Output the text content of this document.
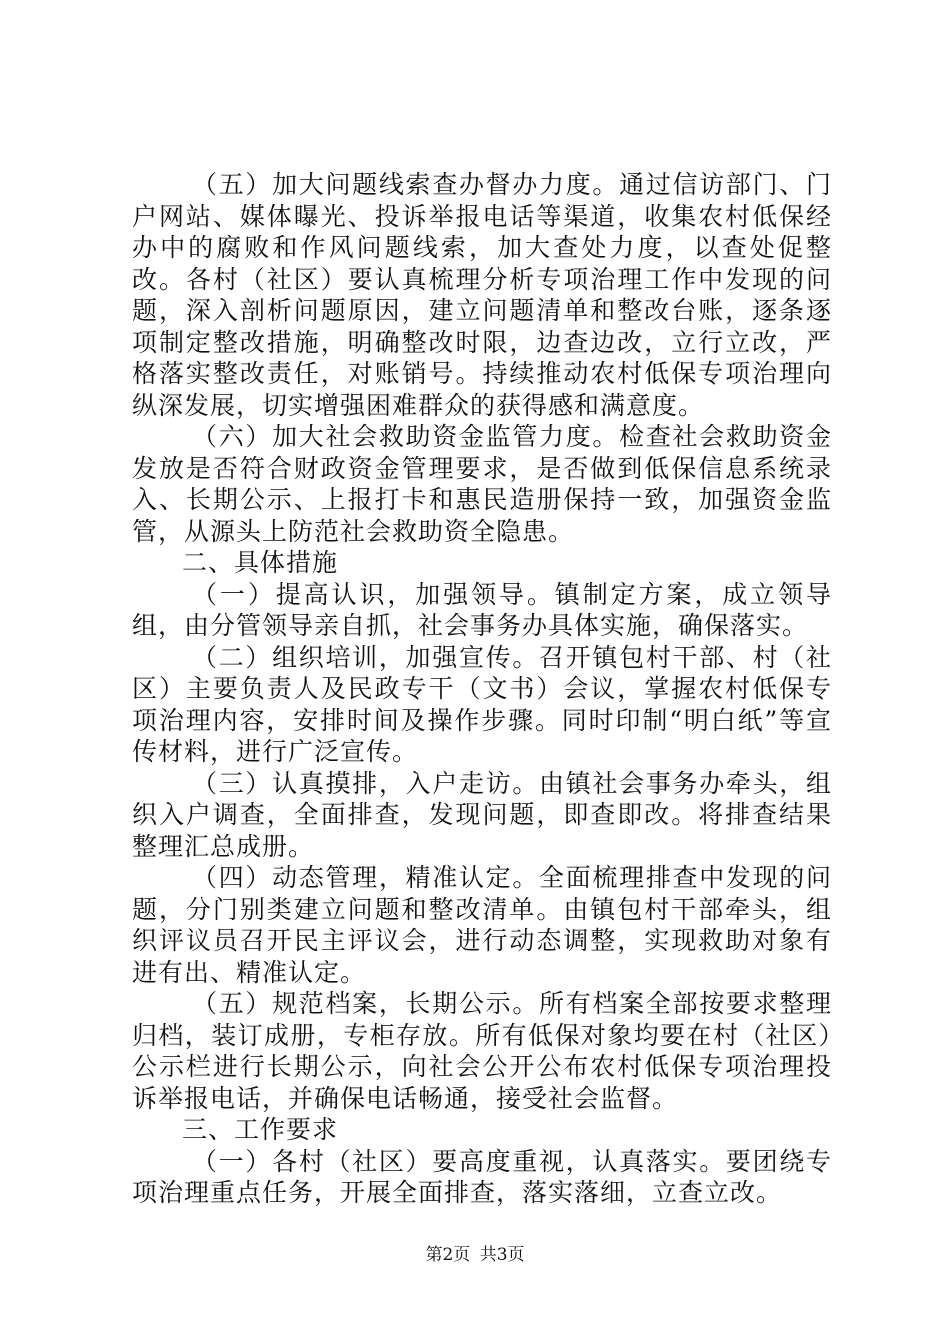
（五）加大问题线索查办督办力度。通过信访部门、门户网站、媒体曝光、投诉举报电话等渠道，收集农村低保经办中的腐败和作风问题线索，加大查处力度，以查处促整改。各村（社区）要认真梳理分析专项治理工作中发现的问题，深入剖析问题原因，建立问题清单和整改台账，逐条逐项制定整改措施，明确整改时限，边查边改，立行立改，严格落实整改责任，对账销号。持续推动农村低保专项治理向纵深发展，切实增强困难群众的获得感和满意度。

（六）加大社会救助资金监管力度。检查社会救助资金发放是否符合财政资金管理要求，是否做到低保信息系统录入、长期公示、上报打卡和惠民造册保持一致，加强资金监管，从源头上防范社会救助资全隐患。

二、具体措施

（一）提高认识，加强领导。镇制定方案，成立领导组，由分管领导亲自抓，社会事务办具体实施，确保落实。

（二）组织培训，加强宣传。召开镇包村干部、村（社区）主要负责人及民政专干（文书）会议，掌握农村低保专项治理内容，安排时间及操作步骤。同时印制“明白纸”等宣传材料，进行广泛宣传。

（三）认真摸排，入户走访。由镇社会事务办牵头，组织入户调查，全面排查，发现问题，即查即改。将排查结果整理汇总成册。

（四）动态管理，精准认定。全面梳理排查中发现的问题，分门别类建立问题和整改清单。由镇包村干部牵头，组织评议员召开民主评议会，进行动态调整，实现救助对象有进有出、精准认定。

（五）规范档案，长期公示。所有档案全部按要求整理归档，装订成册，专柜存放。所有低保对象均要在村（社区）公示栏进行长期公示，向社会公开公布农村低保专项治理投诉举报电话，并确保电话畅通，接受社会监督。

三、工作要求

（一）各村（社区）要高度重视，认真落实。要团绕专项治理重点任务，开展全面排查，落实落细，立查立改。

第2页 共3页
